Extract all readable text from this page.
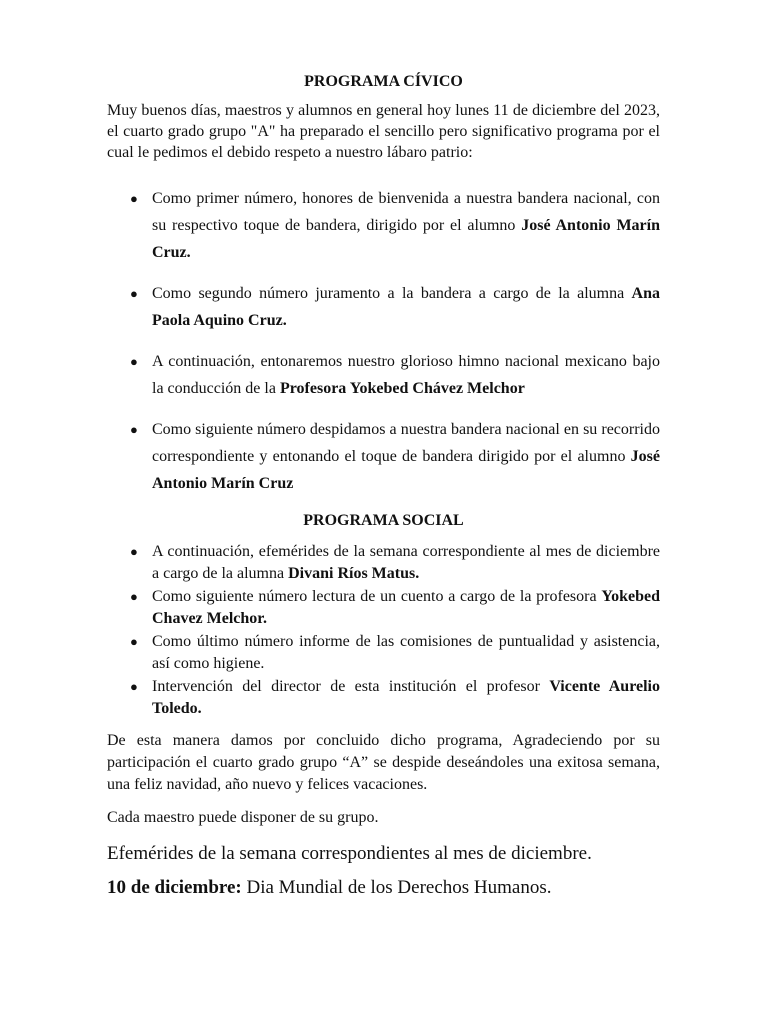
PROGRAMA CÍVICO

Muy buenos días, maestros y alumnos en general hoy lunes 11 de diciembre del 2023, el cuarto grado grupo "A" ha preparado el sencillo pero significativo programa por el cual le pedimos el debido respeto a nuestro lábaro patrio:

● Como primer número, honores de bienvenida a nuestra bandera nacional, con su respectivo toque de bandera, dirigido por el alumno José Antonio Marín Cruz.
● Como segundo número juramento a la bandera a cargo de la alumna Ana Paola Aquino Cruz.
● A continuación, entonaremos nuestro glorioso himno nacional mexicano bajo la conducción de la Profesora Yokebed Chávez Melchor
● Como siguiente número despidamos a nuestra bandera nacional en su recorrido correspondiente y entonando el toque de bandera dirigido por el alumno José Antonio Marín Cruz
PROGRAMA SOCIAL
● A continuación, efemérides de la semana correspondiente al mes de diciembre a cargo de la alumna Divani Ríos Matus.
● Como siguiente número lectura de un cuento a cargo de la profesora Yokebed Chavez Melchor.
● Como último número informe de las comisiones de puntualidad y asistencia, así como higiene.
● Intervención del director de esta institución el profesor Vicente Aurelio Toledo.

De esta manera damos por concluido dicho programa, Agradeciendo por su participación el cuarto grado grupo “A” se despide deseándoles una exitosa semana, una feliz navidad, año nuevo y felices vacaciones.

Cada maestro puede disponer de su grupo.

Efemérides de la semana correspondientes al mes de diciembre.

10 de diciembre: Dia Mundial de los Derechos Humanos.
